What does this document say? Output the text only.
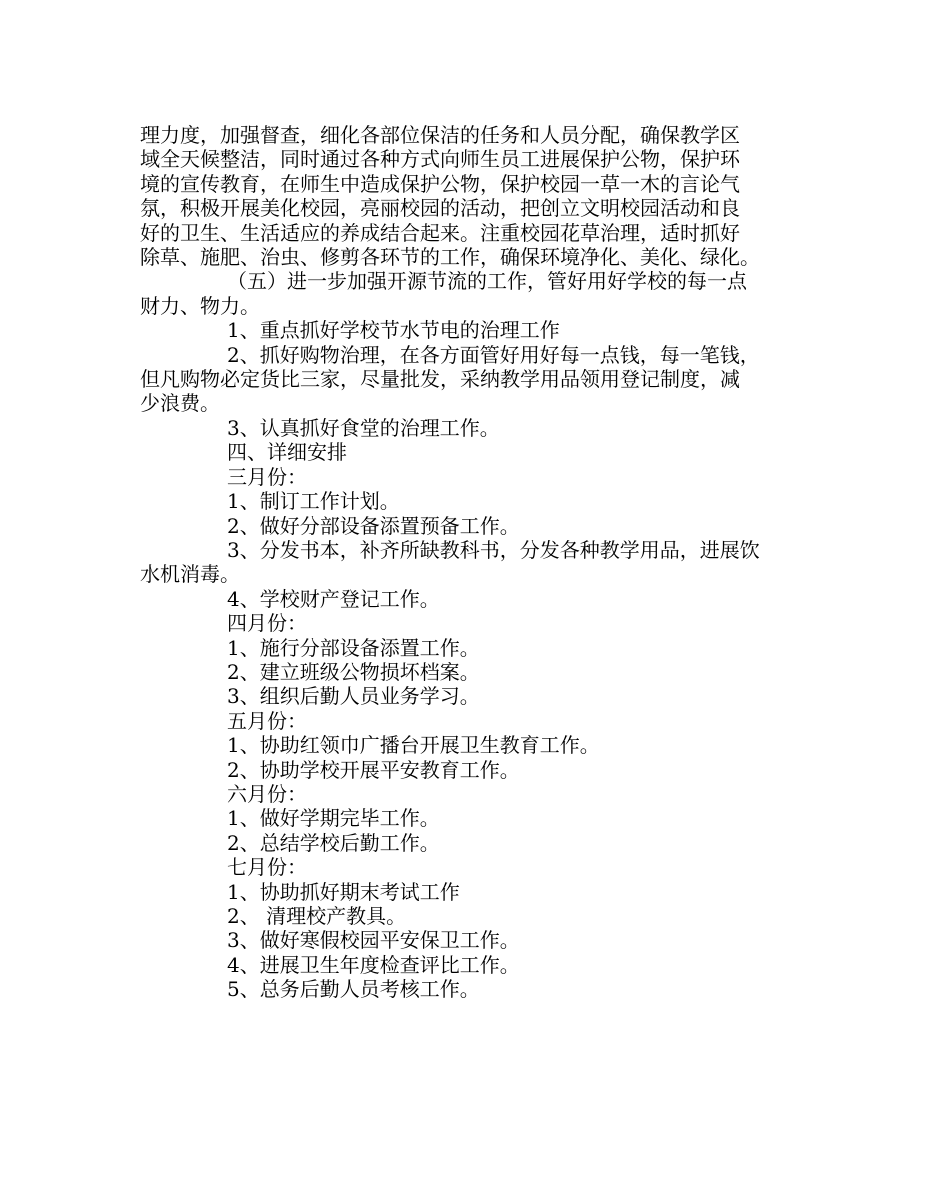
理力度，加强督查，细化各部位保洁的任务和人员分配，确保教学区
域全天候整洁，同时通过各种方式向师生员工进展保护公物，保护环
境的宣传教育，在师生中造成保护公物，保护校园一草一木的言论气
氛，积极开展美化校园，亮丽校园的活动，把创立文明校园活动和良
好的卫生、生活适应的养成结合起来。注重校园花草治理，适时抓好
除草、施肥、治虫、修剪各环节的工作，确保环境净化、美化、绿化。
（五）进一步加强开源节流的工作，管好用好学校的每一点
财力、物力。
1、重点抓好学校节水节电的治理工作
2、抓好购物治理，在各方面管好用好每一点钱，每一笔钱，
但凡购物必定货比三家，尽量批发，采纳教学用品领用登记制度，减
少浪费。
3、认真抓好食堂的治理工作。
四、详细安排
三月份：
1、制订工作计划。
2、做好分部设备添置预备工作。
3、分发书本，补齐所缺教科书，分发各种教学用品，进展饮
水机消毒。
4、学校财产登记工作。
四月份：
1、施行分部设备添置工作。
2、建立班级公物损坏档案。
3、组织后勤人员业务学习。
五月份：
1、协助红领巾广播台开展卫生教育工作。
2、协助学校开展平安教育工作。
六月份：
1、做好学期完毕工作。
2、总结学校后勤工作。
七月份：
1、协助抓好期末考试工作
2、 清理校产教具。
3、做好寒假校园平安保卫工作。
4、进展卫生年度检查评比工作。
5、总务后勤人员考核工作。
